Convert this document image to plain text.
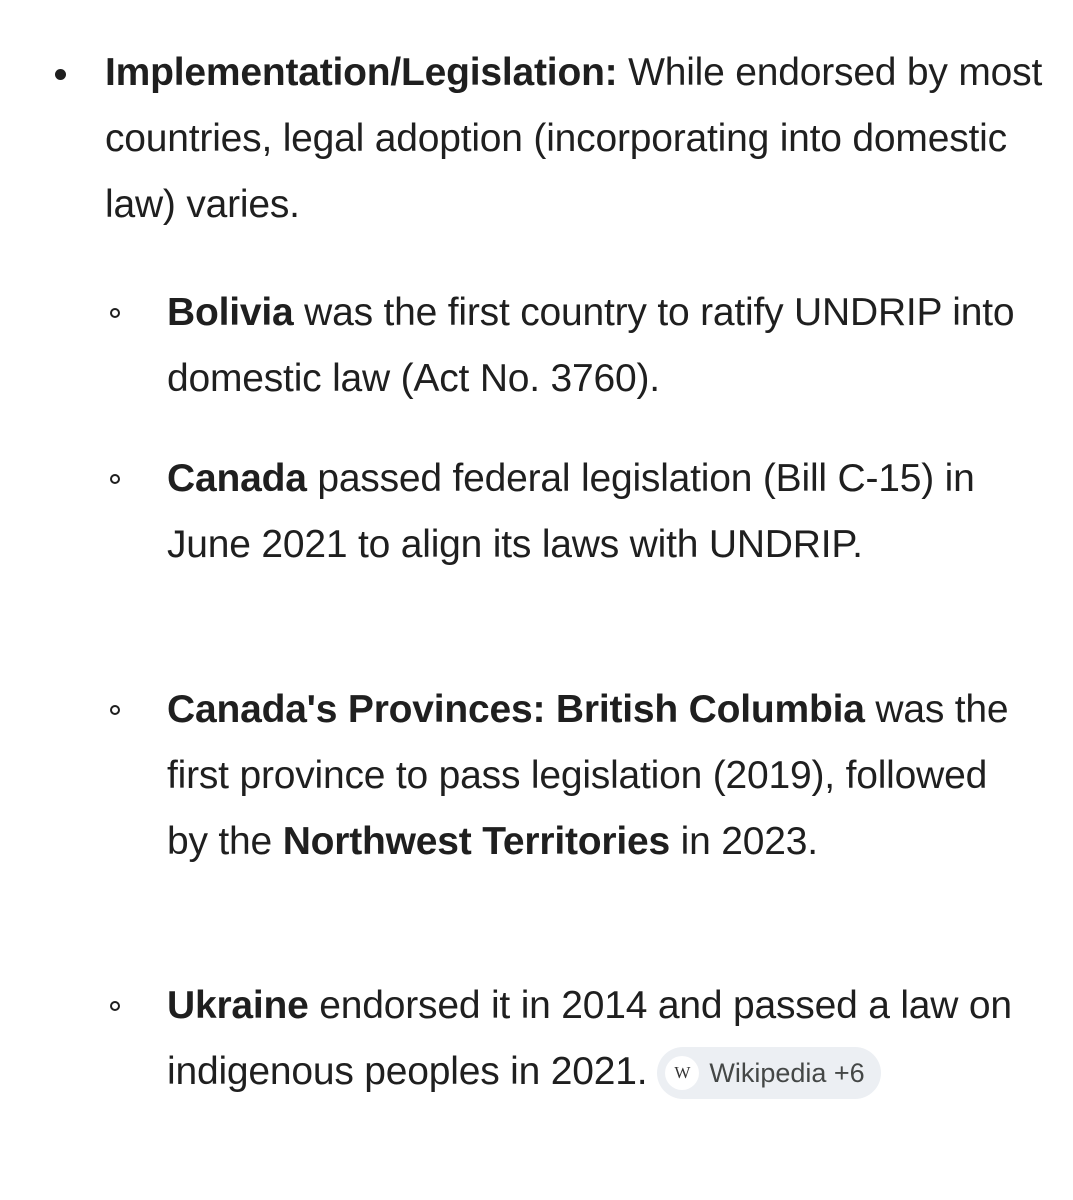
Implementation/Legislation: While endorsed by most countries, legal adoption (incorporating into domestic law) varies.
Bolivia was the first country to ratify UNDRIP into domestic law (Act No. 3760).
Canada passed federal legislation (Bill C-15) in June 2021 to align its laws with UNDRIP.
Canada's Provinces: British Columbia was the first province to pass legislation (2019), followed by the Northwest Territories in 2023.
Ukraine endorsed it in 2014 and passed a law on indigenous peoples in 2021.	W Wikipedia +6
